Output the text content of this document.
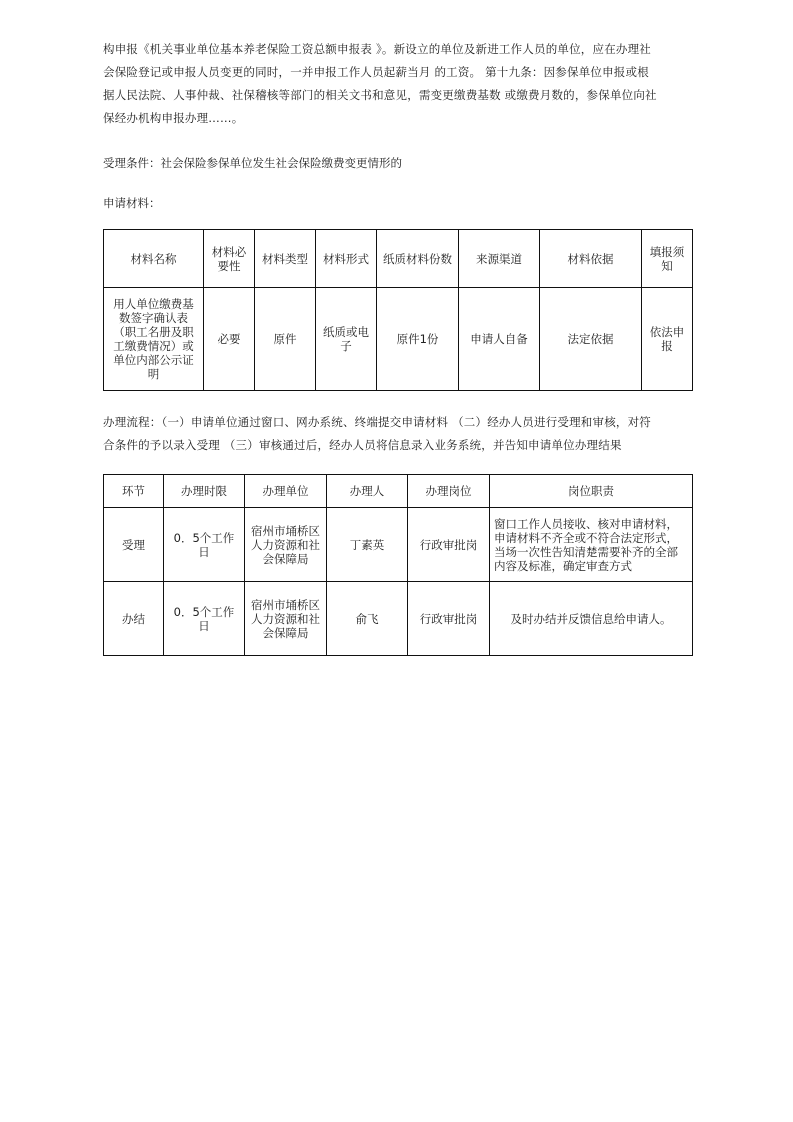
构申报《机关事业单位基本养老保险工资总额申报表 》。新设立的单位及新进工作人员的单位，应在办理社
会保险登记或申报人员变更的同时，一并申报工作人员起薪当月 的工资。 第十九条：因参保单位申报或根
据人民法院、人事仲裁、社保稽核等部门的相关文书和意见，需变更缴费基数 或缴费月数的，参保单位向社
保经办机构申报办理……。
受理条件：社会保险参保单位发生社会保险缴费变更情形的
申请材料：
材料名称	材料必要性	材料类型	材料形式	纸质材料份数	来源渠道	材料依据	填报须知
用人单位缴费基数签字确认表（职工名册及职工缴费情况）或单位内部公示证明	必要	原件	纸质或电子	原件1份	申请人自备	法定依据	依法申报
办理流程：（一）申请单位通过窗口、网办系统、终端提交申请材料 （二）经办人员进行受理和审核，对符
合条件的予以录入受理 （三）审核通过后，经办人员将信息录入业务系统，并告知申请单位办理结果
环节	办理时限	办理单位	办理人	办理岗位	岗位职责
受理	0．5个工作日	宿州市埇桥区人力资源和社会保障局	丁素英	行政审批岗	窗口工作人员接收、核对申请材料，申请材料不齐全或不符合法定形式，当场一次性告知清楚需要补齐的全部内容及标准，确定审查方式
办结	0．5个工作日	宿州市埇桥区人力资源和社会保障局	俞飞	行政审批岗	及时办结并反馈信息给申请人。
